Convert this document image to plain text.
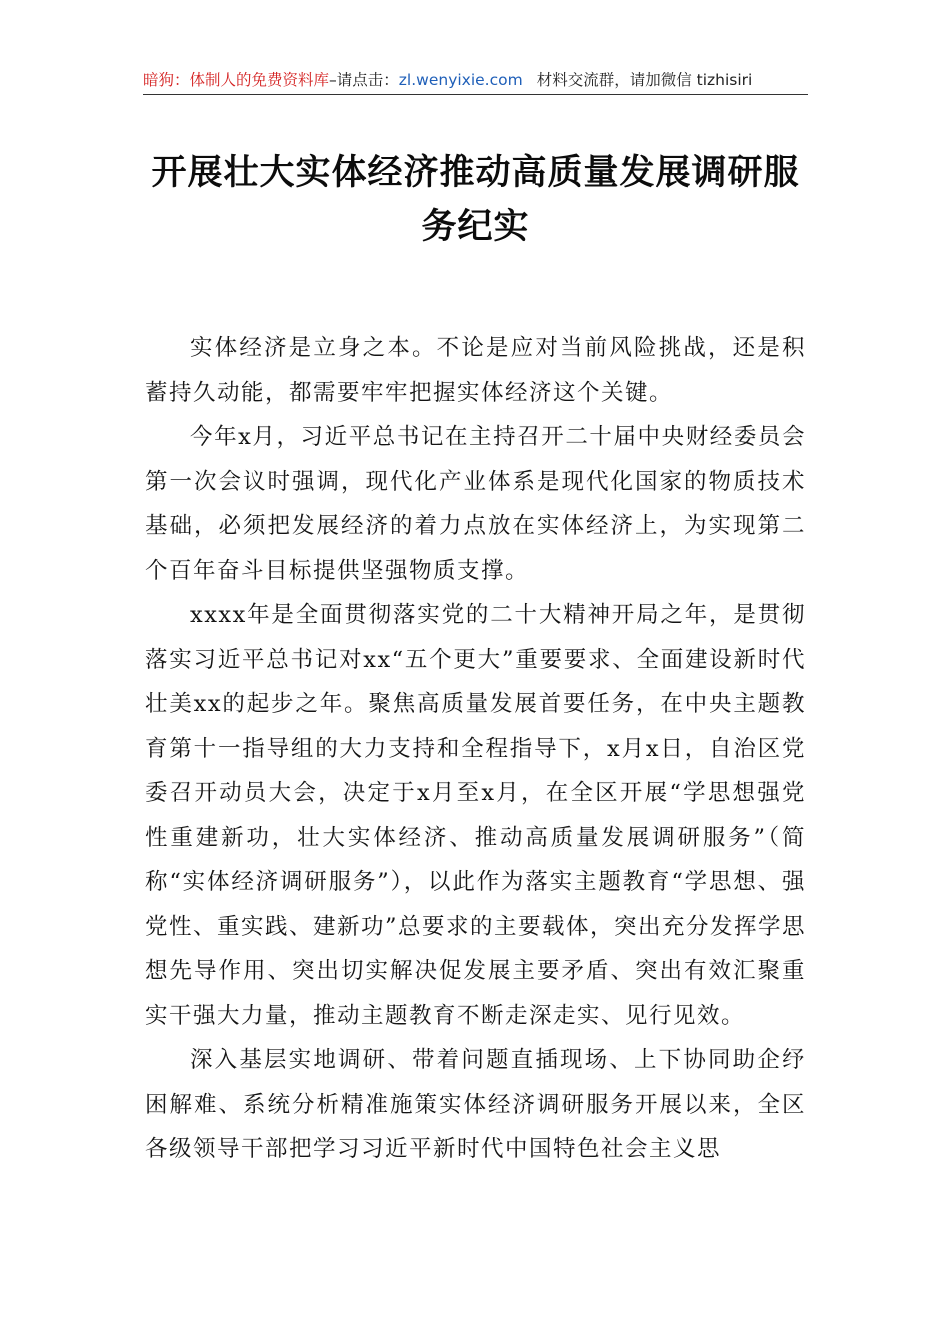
暗狗：体制人的免费资料库–请点击：zl.wenyixie.com 材料交流群，请加微信 tizhisiri
开展壮大实体经济推动高质量发展调研服
务纪实

实体经济是立身之本。不论是应对当前风险挑战，还是积蓄持久动能，都需要牢牢把握实体经济这个关键。

今年x月，习近平总书记在主持召开二十届中央财经委员会第一次会议时强调，现代化产业体系是现代化国家的物质技术基础，必须把发展经济的着力点放在实体经济上，为实现第二个百年奋斗目标提供坚强物质支撑。

xxxx年是全面贯彻落实党的二十大精神开局之年，是贯彻落实习近平总书记对xx“五个更大”重要要求、全面建设新时代壮美xx的起步之年。聚焦高质量发展首要任务，在中央主题教育第十一指导组的大力支持和全程指导下，x月x日，自治区党委召开动员大会，决定于x月至x月，在全区开展“学思想强党性重建新功，壮大实体经济、推动高质量发展调研服务”（简称“实体经济调研服务”），以此作为落实主题教育“学思想、强党性、重实践、建新功”总要求的主要载体，突出充分发挥学思想先导作用、突出切实解决促发展主要矛盾、突出有效汇聚重实干强大力量，推动主题教育不断走深走实、见行见效。

深入基层实地调研、带着问题直插现场、上下协同助企纾困解难、系统分析精准施策实体经济调研服务开展以来，全区各级领导干部把学习习近平新时代中国特色社会主义思
